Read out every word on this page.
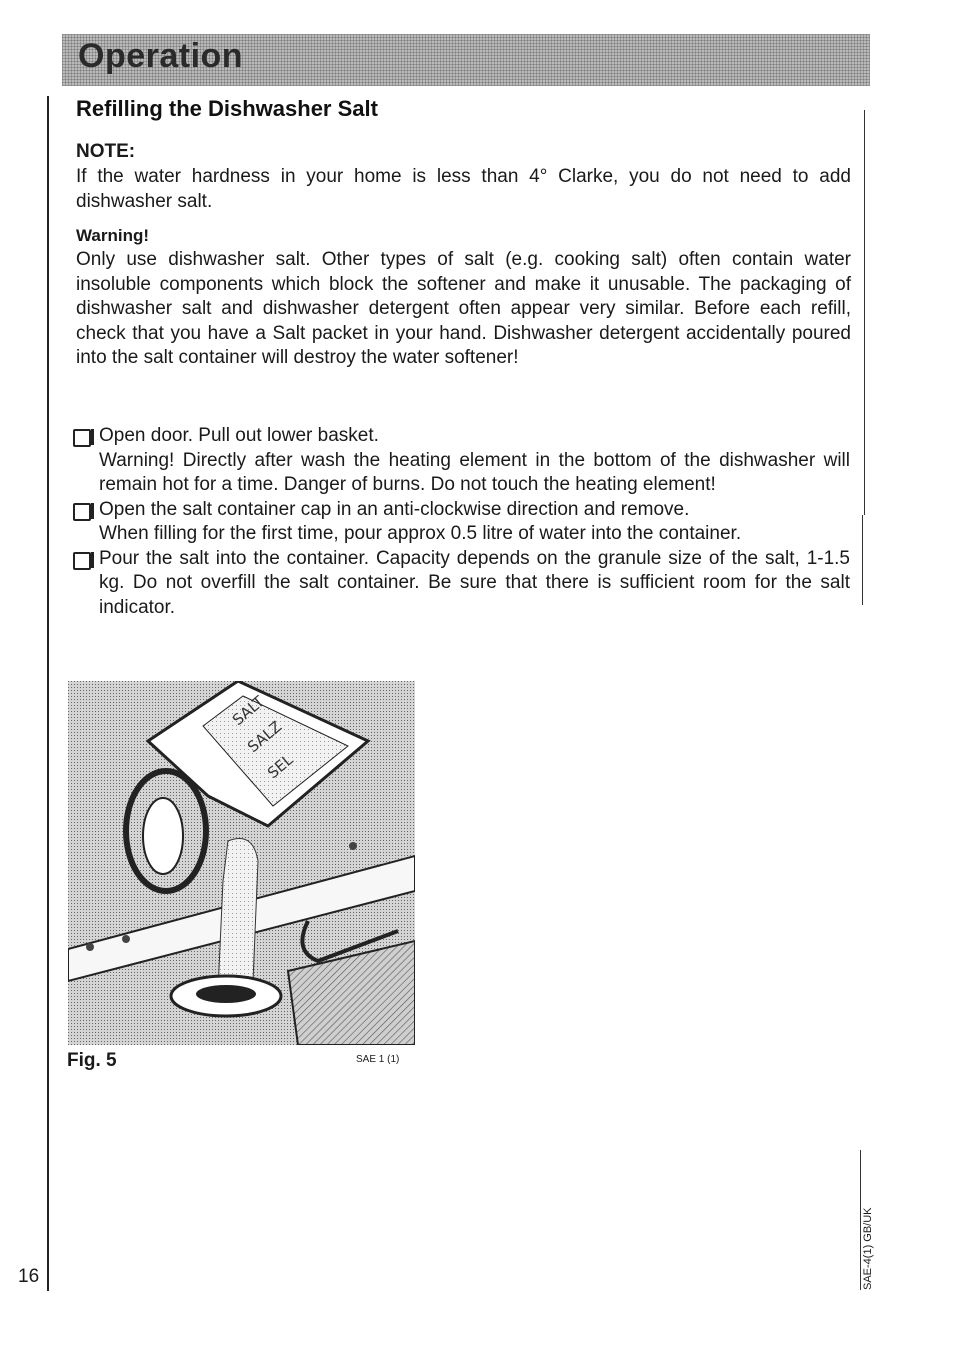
Operation
Refilling the Dishwasher Salt
NOTE:

If the water hardness in your home is less than 4° Clarke, you do not need to add dishwasher salt.

Warning!

Only use dishwasher salt. Other types of salt (e.g. cooking salt) often contain water insoluble components which block the softener and make it unusable. The packaging of dishwasher salt and dishwasher detergent often appear very similar. Before each refill, check that you have a Salt packet in your hand. Dishwasher detergent accidentally poured into the salt container will destroy the water softener!

Open door. Pull out lower basket.

Warning! Directly after wash the heating element in the bottom of the dishwasher will remain hot for a time. Danger of burns. Do not touch the heating element!

Open the salt container cap in an anti-clockwise direction and remove.

When filling for the first time, pour approx 0.5 litre of water into the container.

Pour the salt into the container. Capacity depends on the granule size of the salt, 1-1.5 kg. Do not overfill the salt container. Be sure that there is sufficient room for the salt indicator.

SALT
SALZ
SEL
Fig. 5	SAE 1 (1)
16	SAE-4(1) GB/UK
